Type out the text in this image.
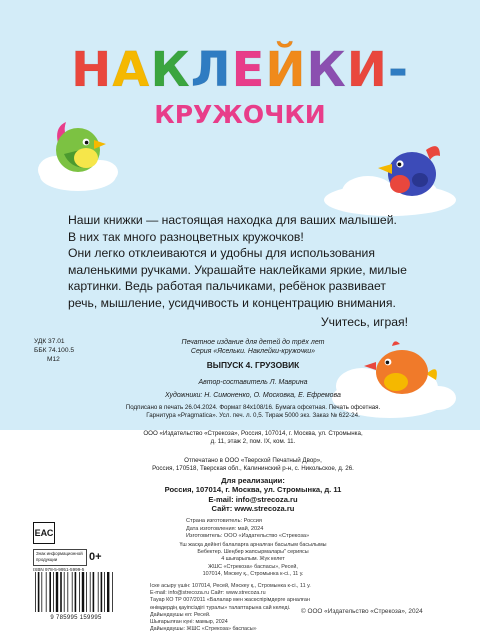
НАКЛЕЙКИ-
КРУЖОЧКИ

Наши книжки — настоящая находка для ваших малышей.

В них так много разноцветных кружочков!

Они легко отклеиваются и удобны для использования

маленькими ручками. Украшайте наклейками яркие, милые

картинки. Ведь работая пальчиками, ребёнок развивает

речь, мышление, усидчивость и концентрацию внимания.

Учитесь, играя!

УДК 37.01
ББК 74.100.5
М12
Печатное издание для детей до трёх лет
Серия «Ясельки. Наклейки-кружочки»
ВЫПУСК 4. ГРУЗОВИК
Автор-составитель Л. Маврина
Художники: Н. Симоненко, О. Московка, Е. Ефремова
Подписано в печать 26.04.2024. Формат 84х108/16. Бумага офсетная. Печать офсетная.
Гарнитура «Pragmatica». Усл. печ. л. 0,5. Тираж 5000 экз. Заказ № 622-24.
ООО «Издательство «Стрекоза», Россия, 107014, г. Москва, ул. Стромынка,
д. 11, этаж 2, пом. IX, ком. 11.
Отпечатано в ООО «Тверской Печатный Двор»,
Россия, 170518, Тверская обл., Калининский р-н, с. Никольское, д. 26.
Для реализации:
Россия, 107014, г. Москва, ул. Стромынка, д. 11
E-mail: info@strecoza.ru
Сайт: www.strecoza.ru
Страна изготовитель: Россия
Дата изготовления: май, 2024
Изготовитель: ООО «Издательство «Стрекоза»
Үш жасқа дейінгі балаларға арналған басылым басылымы
Бебектер. Шеңбер жапсырмалары" сериясы
4 шығарылым. Жүк келет
ЖШС «Стрекоза» баспасы», Ресей,
107014, Мәскеу қ., Стромынка к-сі., 11 у.
Іске асыру үшін: 107014, Ресей, Мәскеу қ., Стромынка к-сі., 11 у.
E-mail: info@strecoza.ru Сайт: www.strecoza.ru
Тауар КО ТР 007/2011 «Балалар мен жасөспірімдерге арналған
өнімдердің қауіпсіздігі туралы» талаптарына сай келеді.
Дайындаушы ел: Ресей.
Шығарылған күні: мамыр, 2024
Дайындаушы: ЖШС «Стрекоза» баспасы»
ЕАС
Знак информационной
продукции	0+
ISBN 978-5-9951-5999-5
9 785995 159995
© ООО «Издательство «Стрекоза», 2024
